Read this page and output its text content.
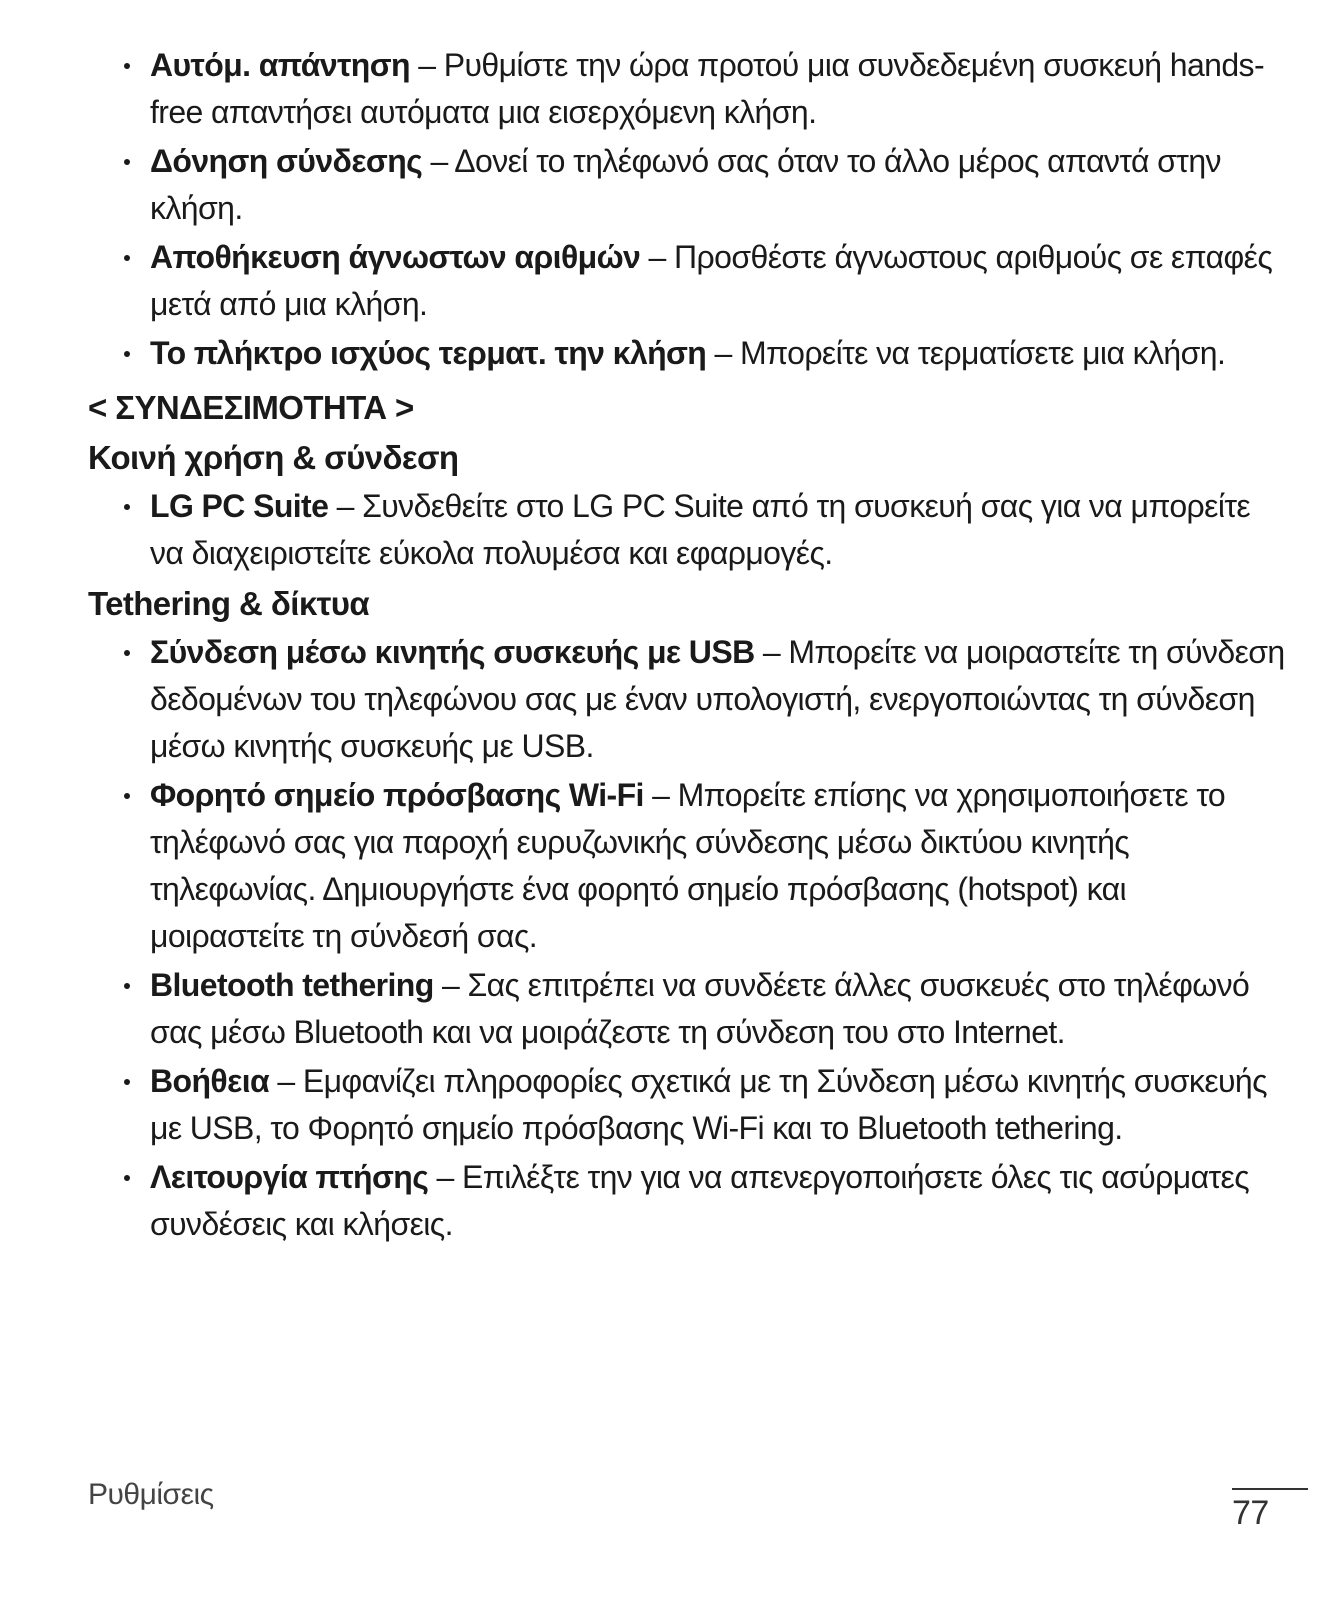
Αυτόμ. απάντηση – Ρυθμίστε την ώρα προτού μια συνδεδεμένη συσκευή hands-free απαντήσει αυτόματα μια εισερχόμενη κλήση.
Δόνηση σύνδεσης – Δονεί το τηλέφωνό σας όταν το άλλο μέρος απαντά στην κλήση.
Αποθήκευση άγνωστων αριθμών – Προσθέστε άγνωστους αριθμούς σε επαφές μετά από μια κλήση.
Το πλήκτρο ισχύος τερματ. την κλήση – Μπορείτε να τερματίσετε μια κλήση.
< ΣΥΝΔΕΣΙΜΟΤΗΤΑ >
Κοινή χρήση & σύνδεση
LG PC Suite – Συνδεθείτε στο LG PC Suite από τη συσκευή σας για να μπορείτε να διαχειριστείτε εύκολα πολυμέσα και εφαρμογές.
Tethering & δίκτυα
Σύνδεση μέσω κινητής συσκευής με USB – Μπορείτε να μοιραστείτε τη σύνδεση δεδομένων του τηλεφώνου σας με έναν υπολογιστή, ενεργοποιώντας τη σύνδεση μέσω κινητής συσκευής με USB.
Φορητό σημείο πρόσβασης Wi-Fi – Μπορείτε επίσης να χρησιμοποιήσετε το τηλέφωνό σας για παροχή ευρυζωνικής σύνδεσης μέσω δικτύου κινητής τηλεφωνίας. Δημιουργήστε ένα φορητό σημείο πρόσβασης (hotspot) και μοιραστείτε τη σύνδεσή σας.
Bluetooth tethering – Σας επιτρέπει να συνδέετε άλλες συσκευές στο τηλέφωνό σας μέσω Bluetooth και να μοιράζεστε τη σύνδεση του στο Internet.
Βοήθεια – Εμφανίζει πληροφορίες σχετικά με τη Σύνδεση μέσω κινητής συσκευής με USB, το Φορητό σημείο πρόσβασης Wi-Fi και το Bluetooth tethering.
Λειτουργία πτήσης – Επιλέξτε την για να απενεργοποιήσετε όλες τις ασύρματες συνδέσεις και κλήσεις.
Ρυθμίσεις	77
